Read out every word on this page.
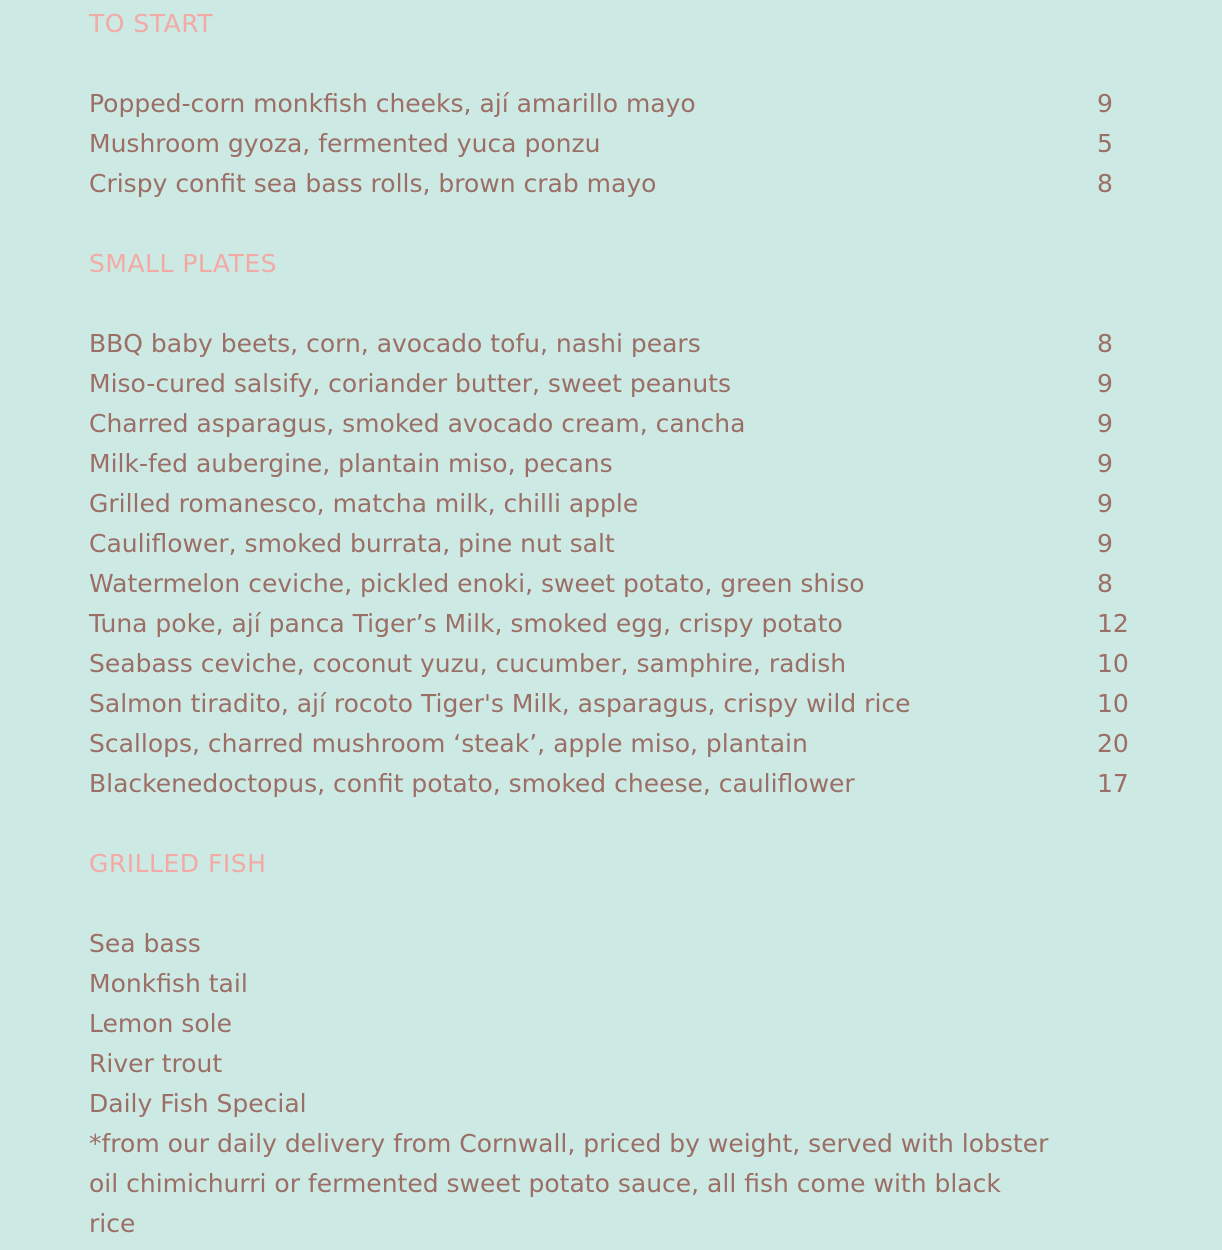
TO START
Popped-corn monkfish cheeks, ají amarillo mayo	9
Mushroom gyoza, fermented yuca ponzu	5
Crispy confit sea bass rolls, brown crab mayo	8
SMALL PLATES
BBQ baby beets, corn, avocado tofu, nashi pears	8
Miso-cured salsify, coriander butter, sweet peanuts	9
Charred asparagus, smoked avocado cream, cancha	9
Milk-fed aubergine, plantain miso, pecans	9
Grilled romanesco, matcha milk, chilli apple	9
Cauliflower, smoked burrata, pine nut salt	9
Watermelon ceviche, pickled enoki, sweet potato, green shiso	8
Tuna poke, ají panca Tiger’s Milk, smoked egg, crispy potato	12
Seabass ceviche, coconut yuzu, cucumber, samphire, radish	10
Salmon tiradito, ají rocoto Tiger's Milk, asparagus, crispy wild rice	10
Scallops, charred mushroom ‘steak’, apple miso, plantain	20
Blackenedoctopus, confit potato, smoked cheese, cauliflower	17
GRILLED FISH
Sea bass
Monkfish tail
Lemon sole
River trout
Daily Fish Special
*from our daily delivery from Cornwall, priced by weight, served with lobster oil chimichurri or fermented sweet potato sauce, all fish come with black rice
